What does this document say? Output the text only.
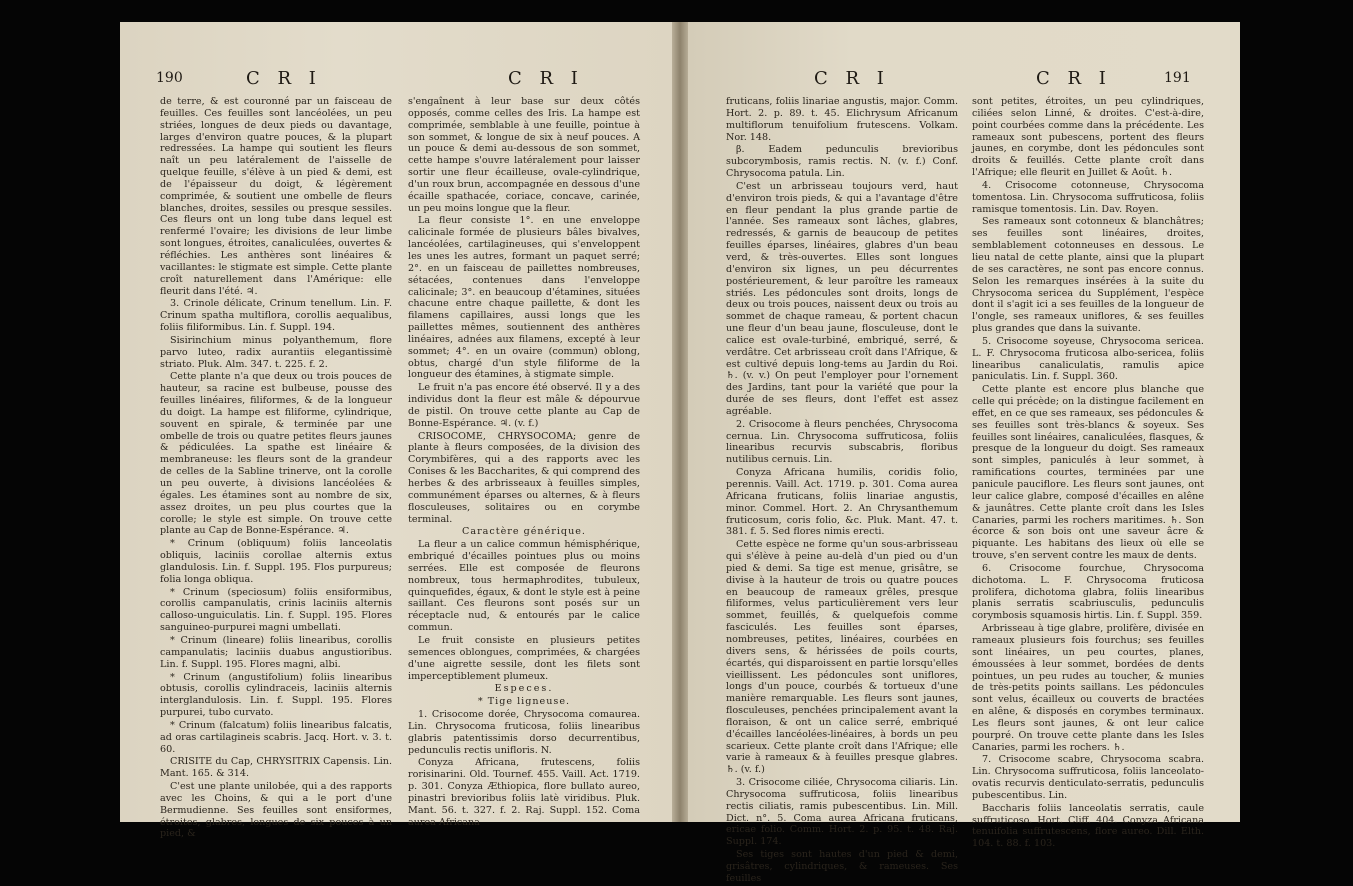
190	C R I	C R I

de terre, & est couronné par un faisceau de feuilles. Ces feuilles sont lancéolées, un peu striées, longues de deux pieds ou davantage, larges d'environ quatre pouces, & la plupart redressées. La hampe qui soutient les fleurs naît un peu latéralement de l'aisselle de quelque feuille, s'élève à un pied & demi, est de l'épaisseur du doigt, & légèrement comprimée, & soutient une ombelle de fleurs blanches, droites, sessiles ou presque sessiles. Ces fleurs ont un long tube dans lequel est renfermé l'ovaire; les divisions de leur limbe sont longues, étroites, canaliculées, ouvertes & réfléchies. Les anthères sont linéaires & vacillantes: le stigmate est simple. Cette plante croît naturellement dans l'Amérique: elle fleurit dans l'été. ♃.

3. Crinole délicate, Crinum tenellum. Lin. F. Crinum spatha multiflora, corollis aequalibus, foliis filiformibus. Lin. f. Suppl. 194.

Sisirinchium minus polyanthemum, flore parvo luteo, radix aurantiis elegantissimè striato. Pluk. Alm. 347. t. 225. f. 2.

Cette plante n'a que deux ou trois pouces de hauteur, sa racine est bulbeuse, pousse des feuilles linéaires, filiformes, & de la longueur du doigt. La hampe est filiforme, cylindrique, souvent en spirale, & terminée par une ombelle de trois ou quatre petites fleurs jaunes & pédiculées. La spathe est linéaire & membraneuse: les fleurs sont de la grandeur de celles de la Sabline trinerve, ont la corolle un peu ouverte, à divisions lancéolées & égales. Les étamines sont au nombre de six, assez droites, un peu plus courtes que la corolle; le style est simple. On trouve cette plante au Cap de Bonne-Espérance. ♃.

* Crinum (obliquum) foliis lanceolatis obliquis, laciniis corollae alternis extus glandulosis. Lin. f. Suppl. 195. Flos purpureus; folia longa obliqua.

* Crinum (speciosum) foliis ensiformibus, corollis campanulatis, crinis laciniis alternis calloso-unguiculatis. Lin. f. Suppl. 195. Flores sanguineo-purpurei magni umbellati.

* Crinum (lineare) foliis linearibus, corollis campanulatis; laciniis duabus angustioribus. Lin. f. Suppl. 195. Flores magni, albi.

* Crinum (angustifolium) foliis linearibus obtusis, corollis cylindraceis, laciniis alternis interglandulosis. Lin. f. Suppl. 195. Flores purpurei, tubo curvato.

* Crinum (falcatum) foliis linearibus falcatis, ad oras cartilagineis scabris. Jacq. Hort. v. 3. t. 60.

CRISITE du Cap, CHRYSITRIX Capensis. Lin. Mant. 165. & 314.

C'est une plante unilobée, qui a des rapports avec les Choins, & qui a le port d'une Bermudienne. Ses feuilles sont ensiformes, étroites, glabres, longues de six pouces à un pied, &

s'engaînent à leur base sur deux côtés opposés, comme celles des Iris. La hampe est comprimée, semblable à une feuille, pointue à son sommet, & longue de six à neuf pouces. A un pouce & demi au-dessous de son sommet, cette hampe s'ouvre latéralement pour laisser sortir une fleur écailleuse, ovale-cylindrique, d'un roux brun, accompagnée en dessous d'une écaille spathacée, coriace, concave, carinée, un peu moins longue que la fleur.

La fleur consiste 1°. en une enveloppe calicinale formée de plusieurs bâles bivalves, lancéolées, cartilagineuses, qui s'enveloppent les unes les autres, formant un paquet serré; 2°. en un faisceau de paillettes nombreuses, sétacées, contenues dans l'enveloppe calicinale; 3°. en beaucoup d'étamines, situées chacune entre chaque paillette, & dont les filamens capillaires, aussi longs que les paillettes mêmes, soutiennent des anthères linéaires, adnées aux filamens, excepté à leur sommet; 4°. en un ovaire (commun) oblong, obtus, chargé d'un style filiforme de la longueur des étamines, à stigmate simple.

Le fruit n'a pas encore été observé. Il y a des individus dont la fleur est mâle & dépourvue de pistil. On trouve cette plante au Cap de Bonne-Espérance. ♃. (v. f.)

CRISOCOME, CHRYSOCOMA; genre de plante à fleurs composées, de la division des Corymbifères, qui a des rapports avec les Conises & les Baccharites, & qui comprend des herbes & des arbrisseaux à feuilles simples, communément éparses ou alternes, & à fleurs flosculeuses, solitaires ou en corymbe terminal.

Caractère générique.

La fleur a un calice commun hémisphérique, embriqué d'écailles pointues plus ou moins serrées. Elle est composée de fleurons nombreux, tous hermaphrodites, tubuleux, quinquefides, égaux, & dont le style est à peine saillant. Ces fleurons sont posés sur un réceptacle nud, & entourés par le calice commun.

Le fruit consiste en plusieurs petites semences oblongues, comprimées, & chargées d'une aigrette sessile, dont les filets sont imperceptiblement plumeux.

Especes.

* Tige ligneuse.

1. Crisocome dorée, Chrysocoma comaurea. Lin. Chrysocoma fruticosa, foliis linearibus glabris patentissimis dorso decurrentibus, pedunculis rectis unifloris. N.

Conyza Africana, frutescens, foliis rorisinarini. Old. Tournef. 455. Vaill. Act. 1719. p. 301. Conyza Æthiopica, flore bullato aureo, pinastri brevioribus foliis latè viridibus. Pluk. Mant. 56. t. 327. f. 2. Raj. Suppl. 152. Coma aurea Africana

C R I	C R I	191

fruticans, foliis linariae angustis, major. Comm. Hort. 2. p. 89. t. 45. Elichrysum Africanum multiflorum tenuifolium frutescens. Volkam. Nor. 148.

β. Eadem pedunculis brevioribus subcorymbosis, ramis rectis. N. (v. f.) Conf. Chrysocoma patula. Lin.

C'est un arbrisseau toujours verd, haut d'environ trois pieds, & qui a l'avantage d'être en fleur pendant la plus grande partie de l'année. Ses rameaux sont lâches, glabres, redressés, & garnis de beaucoup de petites feuilles éparses, linéaires, glabres d'un beau verd, & très-ouvertes. Elles sont longues d'environ six lignes, un peu décurrentes postérieurement, & leur paroître les rameaux striés. Les pédoncules sont droits, longs de deux ou trois pouces, naissent deux ou trois au sommet de chaque rameau, & portent chacun une fleur d'un beau jaune, flosculeuse, dont le calice est ovale-turbiné, embriqué, serré, & verdâtre. Cet arbrisseau croît dans l'Afrique, & est cultivé depuis long-tems au Jardin du Roi. ♄. (v. v.) On peut l'employer pour l'ornement des Jardins, tant pour la variété que pour la durée de ses fleurs, dont l'effet est assez agréable.

2. Crisocome à fleurs penchées, Chrysocoma cernua. Lin. Chrysocoma suffruticosa, foliis linearibus recurvis subscabris, floribus nutilibus cernuis. Lin.

Conyza Africana humilis, coridis folio, perennis. Vaill. Act. 1719. p. 301. Coma aurea Africana fruticans, foliis linariae angustis, minor. Commel. Hort. 2. An Chrysanthemum fruticosum, coris folio, &c. Pluk. Mant. 47. t. 381. f. 5. Sed flores nimis erecti.

Cette espèce ne forme qu'un sous-arbrisseau qui s'élève à peine au-delà d'un pied ou d'un pied & demi. Sa tige est menue, grisâtre, se divise à la hauteur de trois ou quatre pouces en beaucoup de rameaux grêles, presque filiformes, velus particulièrement vers leur sommet, feuillés, & quelquefois comme fasciculés. Les feuilles sont éparses, nombreuses, petites, linéaires, courbées en divers sens, & hérissées de poils courts, écartés, qui disparoissent en partie lorsqu'elles vieillissent. Les pédoncules sont uniflores, longs d'un pouce, courbés & tortueux d'une manière remarquable. Les fleurs sont jaunes, flosculeuses, penchées principalement avant la floraison, & ont un calice serré, embriqué d'écailles lancéolées-linéaires, à bords un peu scarieux. Cette plante croît dans l'Afrique; elle varie à rameaux & à feuilles presque glabres. ♄. (v. f.)

3. Crisocome ciliée, Chrysocoma ciliaris. Lin. Chrysocoma suffruticosa, foliis linearibus rectis ciliatis, ramis pubescentibus. Lin. Mill. Dict. n°. 5. Coma aurea Africana fruticans, ericae folio. Comm. Hort. 2. p. 95. t. 48. Raj. Suppl. 174.

Ses tiges sont hautes d'un pied & demi, grisâtres, cylindriques, & rameuses. Ses feuilles

sont petites, étroites, un peu cylindriques, ciliées selon Linné, & droites. C'est-à-dire, point courbées comme dans la précédente. Les rameaux sont pubescens, portent des fleurs jaunes, en corymbe, dont les pédoncules sont droits & feuillés. Cette plante croît dans l'Afrique; elle fleurit en Juillet & Août. ♄.

4. Crisocome cotonneuse, Chrysocoma tomentosa. Lin. Chrysocoma suffruticosa, foliis ramisque tomentosis. Lin. Dav. Royen.

Ses rameaux sont cotonneux & blanchâtres; ses feuilles sont linéaires, droites, semblablement cotonneuses en dessous. Le lieu natal de cette plante, ainsi que la plupart de ses caractères, ne sont pas encore connus. Selon les remarques insérées à la suite du Chrysocoma sericea du Supplément, l'espèce dont il s'agit ici a ses feuilles de la longueur de l'ongle, ses rameaux uniflores, & ses feuilles plus grandes que dans la suivante.

5. Crisocome soyeuse, Chrysocoma sericea. L. F. Chrysocoma fruticosa albo-sericea, foliis linearibus canaliculatis, ramulis apice paniculatis. Lin. f. Suppl. 360.

Cette plante est encore plus blanche que celle qui précède; on la distingue facilement en effet, en ce que ses rameaux, ses pédoncules & ses feuilles sont très-blancs & soyeux. Ses feuilles sont linéaires, canaliculées, flasques, & presque de la longueur du doigt. Ses rameaux sont simples, paniculés à leur sommet, à ramifications courtes, terminées par une panicule pauciflore. Les fleurs sont jaunes, ont leur calice glabre, composé d'écailles en alêne & jaunâtres. Cette plante croît dans les Isles Canaries, parmi les rochers maritimes. ♄. Son écorce & son bois ont une saveur âcre & piquante. Les habitans des lieux où elle se trouve, s'en servent contre les maux de dents.

6. Crisocome fourchue, Chrysocoma dichotoma. L. F. Chrysocoma fruticosa prolifera, dichotoma glabra, foliis linearibus planis serratis scabriusculis, pedunculis corymbosis squamosis hirtis. Lin. f. Suppl. 359.

Arbrisseau à tige glabre, prolifère, divisée en rameaux plusieurs fois fourchus; ses feuilles sont linéaires, un peu courtes, planes, émoussées à leur sommet, bordées de dents pointues, un peu rudes au toucher, & munies de très-petits points saillans. Les pédoncules sont velus, écailleux ou couverts de bractées en alêne, & disposés en corymbes terminaux. Les fleurs sont jaunes, & ont leur calice pourpré. On trouve cette plante dans les Isles Canaries, parmi les rochers. ♄.

7. Crisocome scabre, Chrysocoma scabra. Lin. Chrysocoma suffruticosa, foliis lanceolato-ovatis recurvis denticulato-serratis, pedunculis pubescentibus. Lin.

Baccharis foliis lanceolatis serratis, caule suffruticoso. Hort. Cliff. 404. Conyza Africana tenuifolia suffrutescens, flore aureo. Dill. Elth. 104. t. 88. f. 103.
